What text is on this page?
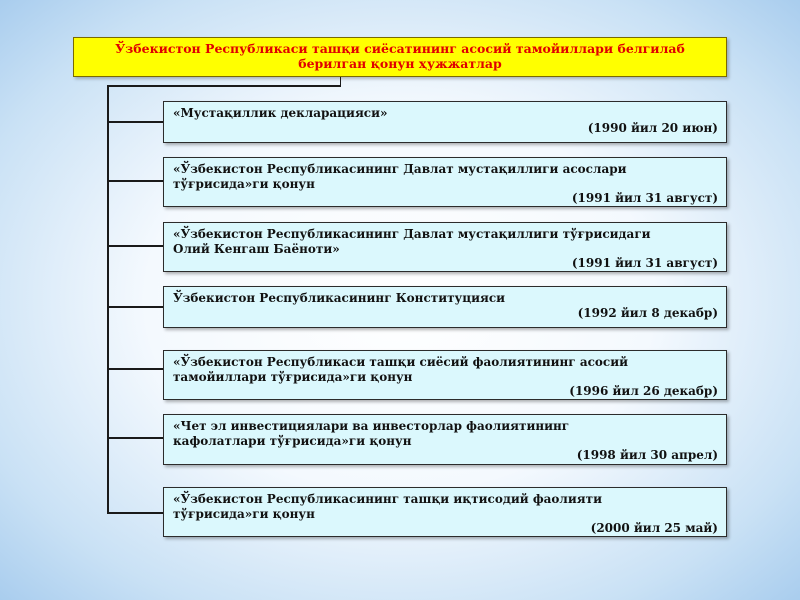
Ўзбекистон Республикаси ташқи сиёсатининг асосий тамойиллари белгилаб берилган қонун ҳужжатлар
«Мустақиллик декларацияси»
(1990 йил 20 июн)
«Ўзбекистон Республикасининг Давлат мустақиллиги асослари
тўғрисида»ги қонун
(1991 йил 31 август)
«Ўзбекистон Республикасининг Давлат мустақиллиги тўғрисидаги
Олий Кенгаш Баёноти»
(1991 йил 31 август)
Ўзбекистон Республикасининг Конституцияси
(1992 йил 8 декабр)
«Ўзбекистон Республикаси ташқи сиёсий фаолиятининг асосий
тамойиллари тўғрисида»ги қонун
(1996 йил 26 декабр)
«Чет эл инвестициялари ва инвесторлар фаолиятининг
кафолатлари тўғрисида»ги қонун
(1998 йил 30 апрел)
«Ўзбекистон Республикасининг ташқи иқтисодий фаолияти
тўғрисида»ги қонун
(2000 йил 25 май)
